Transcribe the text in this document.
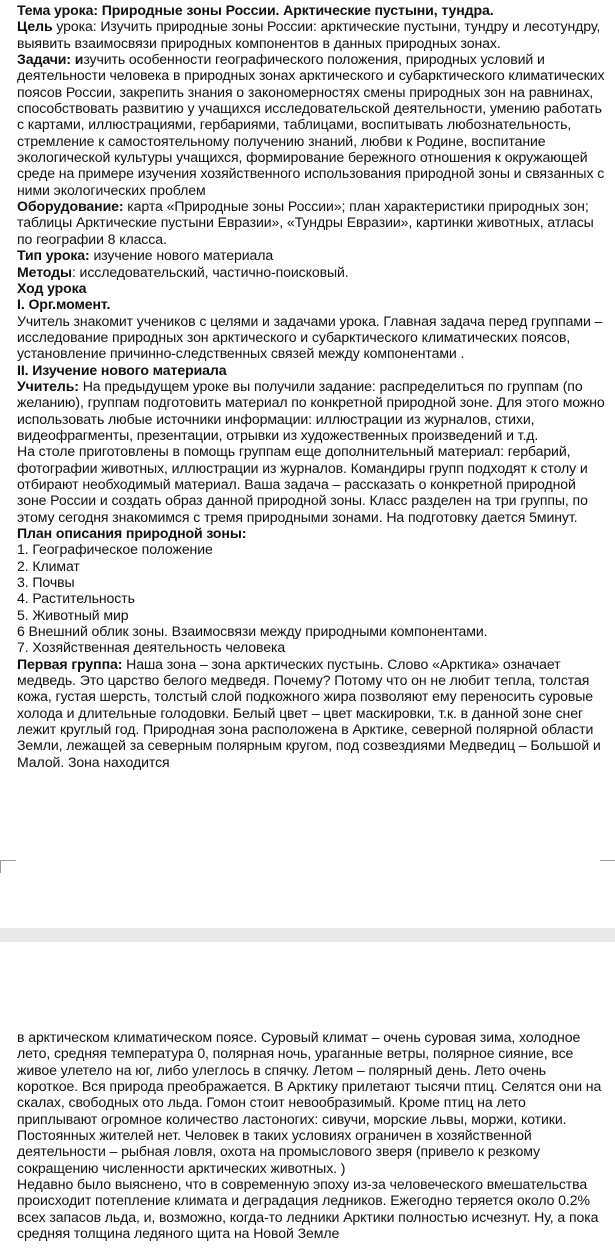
Тема урока: Природные зоны России. Арктические пустыни, тундра.

Цель урока: Изучить природные зоны России: арктические пустыни, тундру и лесотундру, выявить взаимосвязи природных компонентов в данных природных зонах.

Задачи: изучить особенности географического положения, природных условий и деятельности человека в природных зонах арктического и субарктического климатических поясов России, закрепить знания о закономерностях смены природных зон на равнинах, способствовать развитию у учащихся исследовательской деятельности, умению работать с картами, иллюстрациями, гербариями, таблицами, воспитывать любознательность, стремление к самостоятельному получению знаний, любви к Родине, воспитание экологической культуры учащихся, формирование бережного отношения к окружающей среде на примере изучения хозяйственного использования природной зоны и связанных с ними экологических проблем

Оборудование: карта «Природные зоны России»; план характеристики природных зон; таблицы Арктические пустыни Евразии», «Тундры Евразии», картинки животных, атласы по географии 8 класса.

Тип урока: изучение нового материала

Методы: исследовательский, частично-поисковый.

Ход урока

I. Орг.момент.

Учитель знакомит учеников с целями и задачами урока. Главная задача перед группами – исследование природных зон арктического и субарктического климатических поясов, установление причинно-следственных связей между компонентами .

II. Изучение нового материала

Учитель: На предыдущем уроке вы получили задание: распределиться по группам (по желанию), группам подготовить материал по конкретной природной зоне. Для этого можно использовать любые источники информации: иллюстрации из журналов, стихи, видеофрагменты, презентации, отрывки из художественных произведений и т.д.

На столе приготовлены в помощь группам еще дополнительный материал: гербарий, фотографии животных, иллюстрации из журналов. Командиры групп подходят к столу и отбирают необходимый материал. Ваша задача – рассказать о конкретной природной зоне России и создать образ данной природной зоны. Класс разделен на три группы, по этому сегодня знакомимся с тремя природными зонами. На подготовку дается 5минут.

План описания природной зоны:

1. Географическое положение

2. Климат

3. Почвы

4. Растительность

5. Животный мир

6 Внешний облик зоны. Взаимосвязи между природными компонентами.

7. Хозяйственная деятельность человека

Первая группа: Наша зона – зона арктических пустынь. Слово «Арктика» означает медведь. Это царство белого медведя. Почему? Потому что он не любит тепла, толстая кожа, густая шерсть, толстый слой подкожного жира позволяют ему переносить суровые холода и длительные голодовки. Белый цвет – цвет маскировки, т.к. в данной зоне снег лежит круглый год. Природная зона расположена в Арктике, северной полярной области Земли, лежащей за северным полярным кругом, под созвездиями Медведиц – Большой и Малой. Зона находится

в арктическом климатическом поясе. Суровый климат – очень суровая зима, холодное лето, средняя температура 0, полярная ночь, ураганные ветры, полярное сияние, все живое улетело на юг, либо улеглось в спячку. Летом – полярный день. Лето очень короткое. Вся природа преображается. В Арктику прилетают тысячи птиц. Селятся они на скалах, свободных ото льда. Гомон стоит невообразимый. Кроме птиц на лето приплывают огромное количество ластоногих: сивучи, морские львы, моржи, котики.

Постоянных жителей нет. Человек в таких условиях ограничен в хозяйственной деятельности – рыбная ловля, охота на промыслового зверя (привело к резкому сокращению численности арктических животных. )

Недавно было выяснено, что в современную эпоху из-за человеческого вмешательства происходит потепление климата и деградация ледников. Ежегодно теряется около 0.2% всех запасов льда, и, возможно, когда-то ледники Арктики полностью исчезнут. Ну, а пока средняя толщина ледяного щита на Новой Земле
